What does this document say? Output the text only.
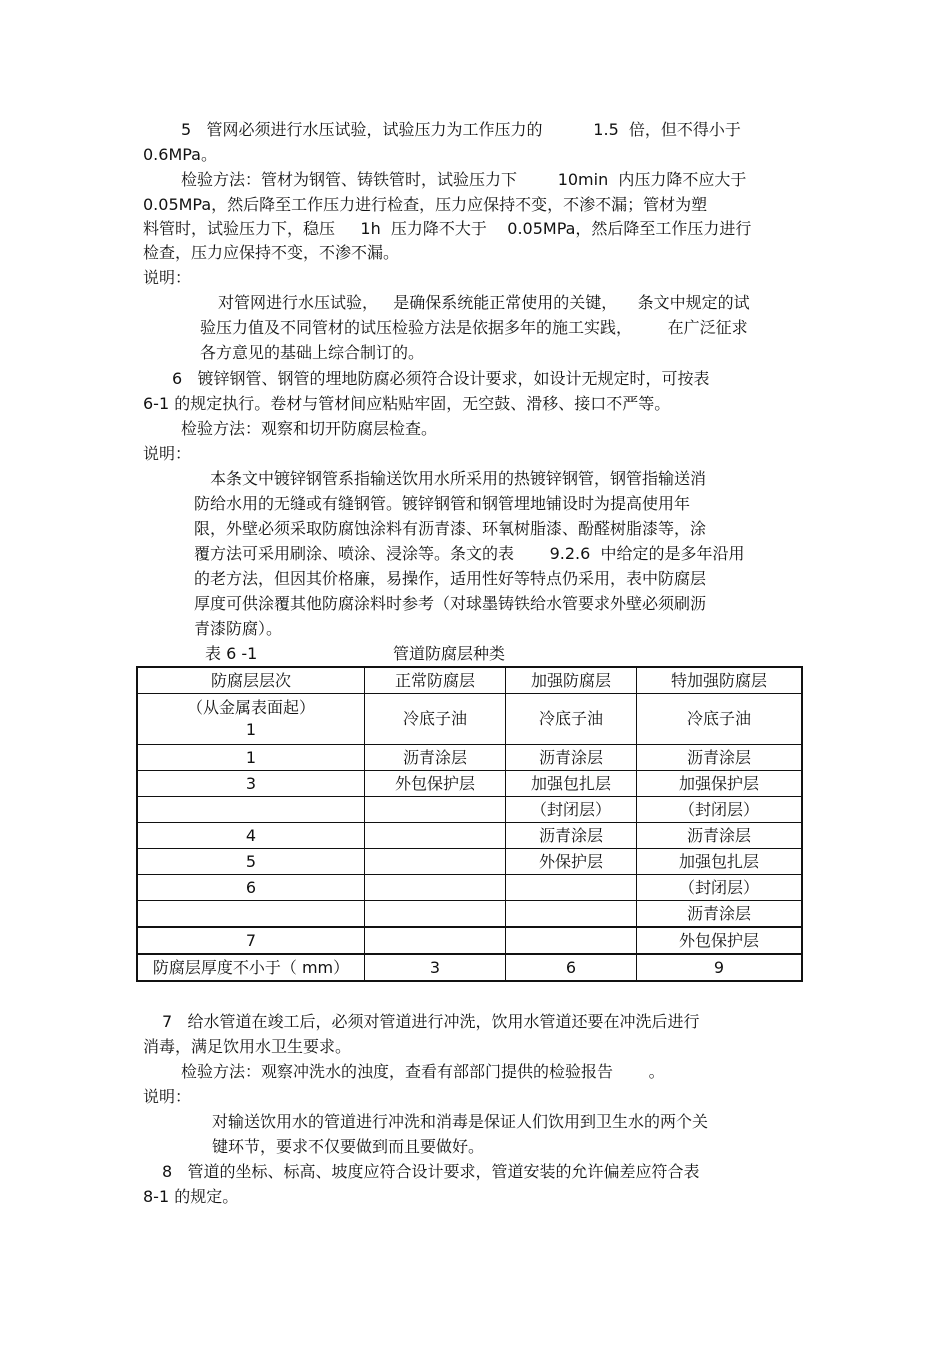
5   管网必须进行水压试验，试验压力为工作压力的          1.5  倍，但不得小于
0.6MPa。
检验方法：管材为钢管、铸铁管时，试验压力下        10min  内压力降不应大于
0.05MPa，然后降至工作压力进行检查，压力应保持不变，不渗不漏；管材为塑
料管时，试验压力下，稳压     1h  压力降不大于    0.05MPa，然后降至工作压力进行
检查，压力应保持不变，不渗不漏。
说明：
对管网进行水压试验，   是确保系统能正常使用的关键，    条文中规定的试
验压力值及不同管材的试压检验方法是依据多年的施工实践，       在广泛征求
各方意见的基础上综合制订的。
6   镀锌钢管、钢管的埋地防腐必须符合设计要求，如设计无规定时，可按表
6-1 的规定执行。卷材与管材间应粘贴牢固，无空鼓、滑移、接口不严等。
检验方法：观察和切开防腐层检查。
说明：
本条文中镀锌钢管系指输送饮用水所采用的热镀锌钢管，钢管指输送消
防给水用的无缝或有缝钢管。镀锌钢管和钢管埋地铺设时为提高使用年
限，外壁必须采取防腐蚀涂料有沥青漆、环氧树脂漆、酚醛树脂漆等，涂
覆方法可采用刷涂、喷涂、浸涂等。条文的表       9.2.6  中给定的是多年沿用
的老方法，但因其价格廉，易操作，适用性好等特点仍采用，表中防腐层
厚度可供涂覆其他防腐涂料时参考（对球墨铸铁给水管要求外壁必须刷沥
青漆防腐）。
表 6 -1	管道防腐层种类
防腐层层次	正常防腐层	加强防腐层	特加强防腐层

（从金属表面起）
1	冷底子油	冷底子油	冷底子油
1	沥青涂层	沥青涂层	沥青涂层
3	外包保护层	加强包扎层	加强保护层
		（封闭层）	（封闭层）
4		沥青涂层	沥青涂层
5		外保护层	加强包扎层
6			（封闭层）
			沥青涂层
7			外包保护层
防腐层厚度不小于（ mm）	3	6	9
7   给水管道在竣工后，必须对管道进行冲洗，饮用水管道还要在冲洗后进行
消毒，满足饮用水卫生要求。
检验方法：观察冲洗水的浊度，查看有部部门提供的检验报告       。
说明：
对输送饮用水的管道进行冲洗和消毒是保证人们饮用到卫生水的两个关
键环节，要求不仅要做到而且要做好。
8   管道的坐标、标高、坡度应符合设计要求，管道安装的允许偏差应符合表
8-1 的规定。
